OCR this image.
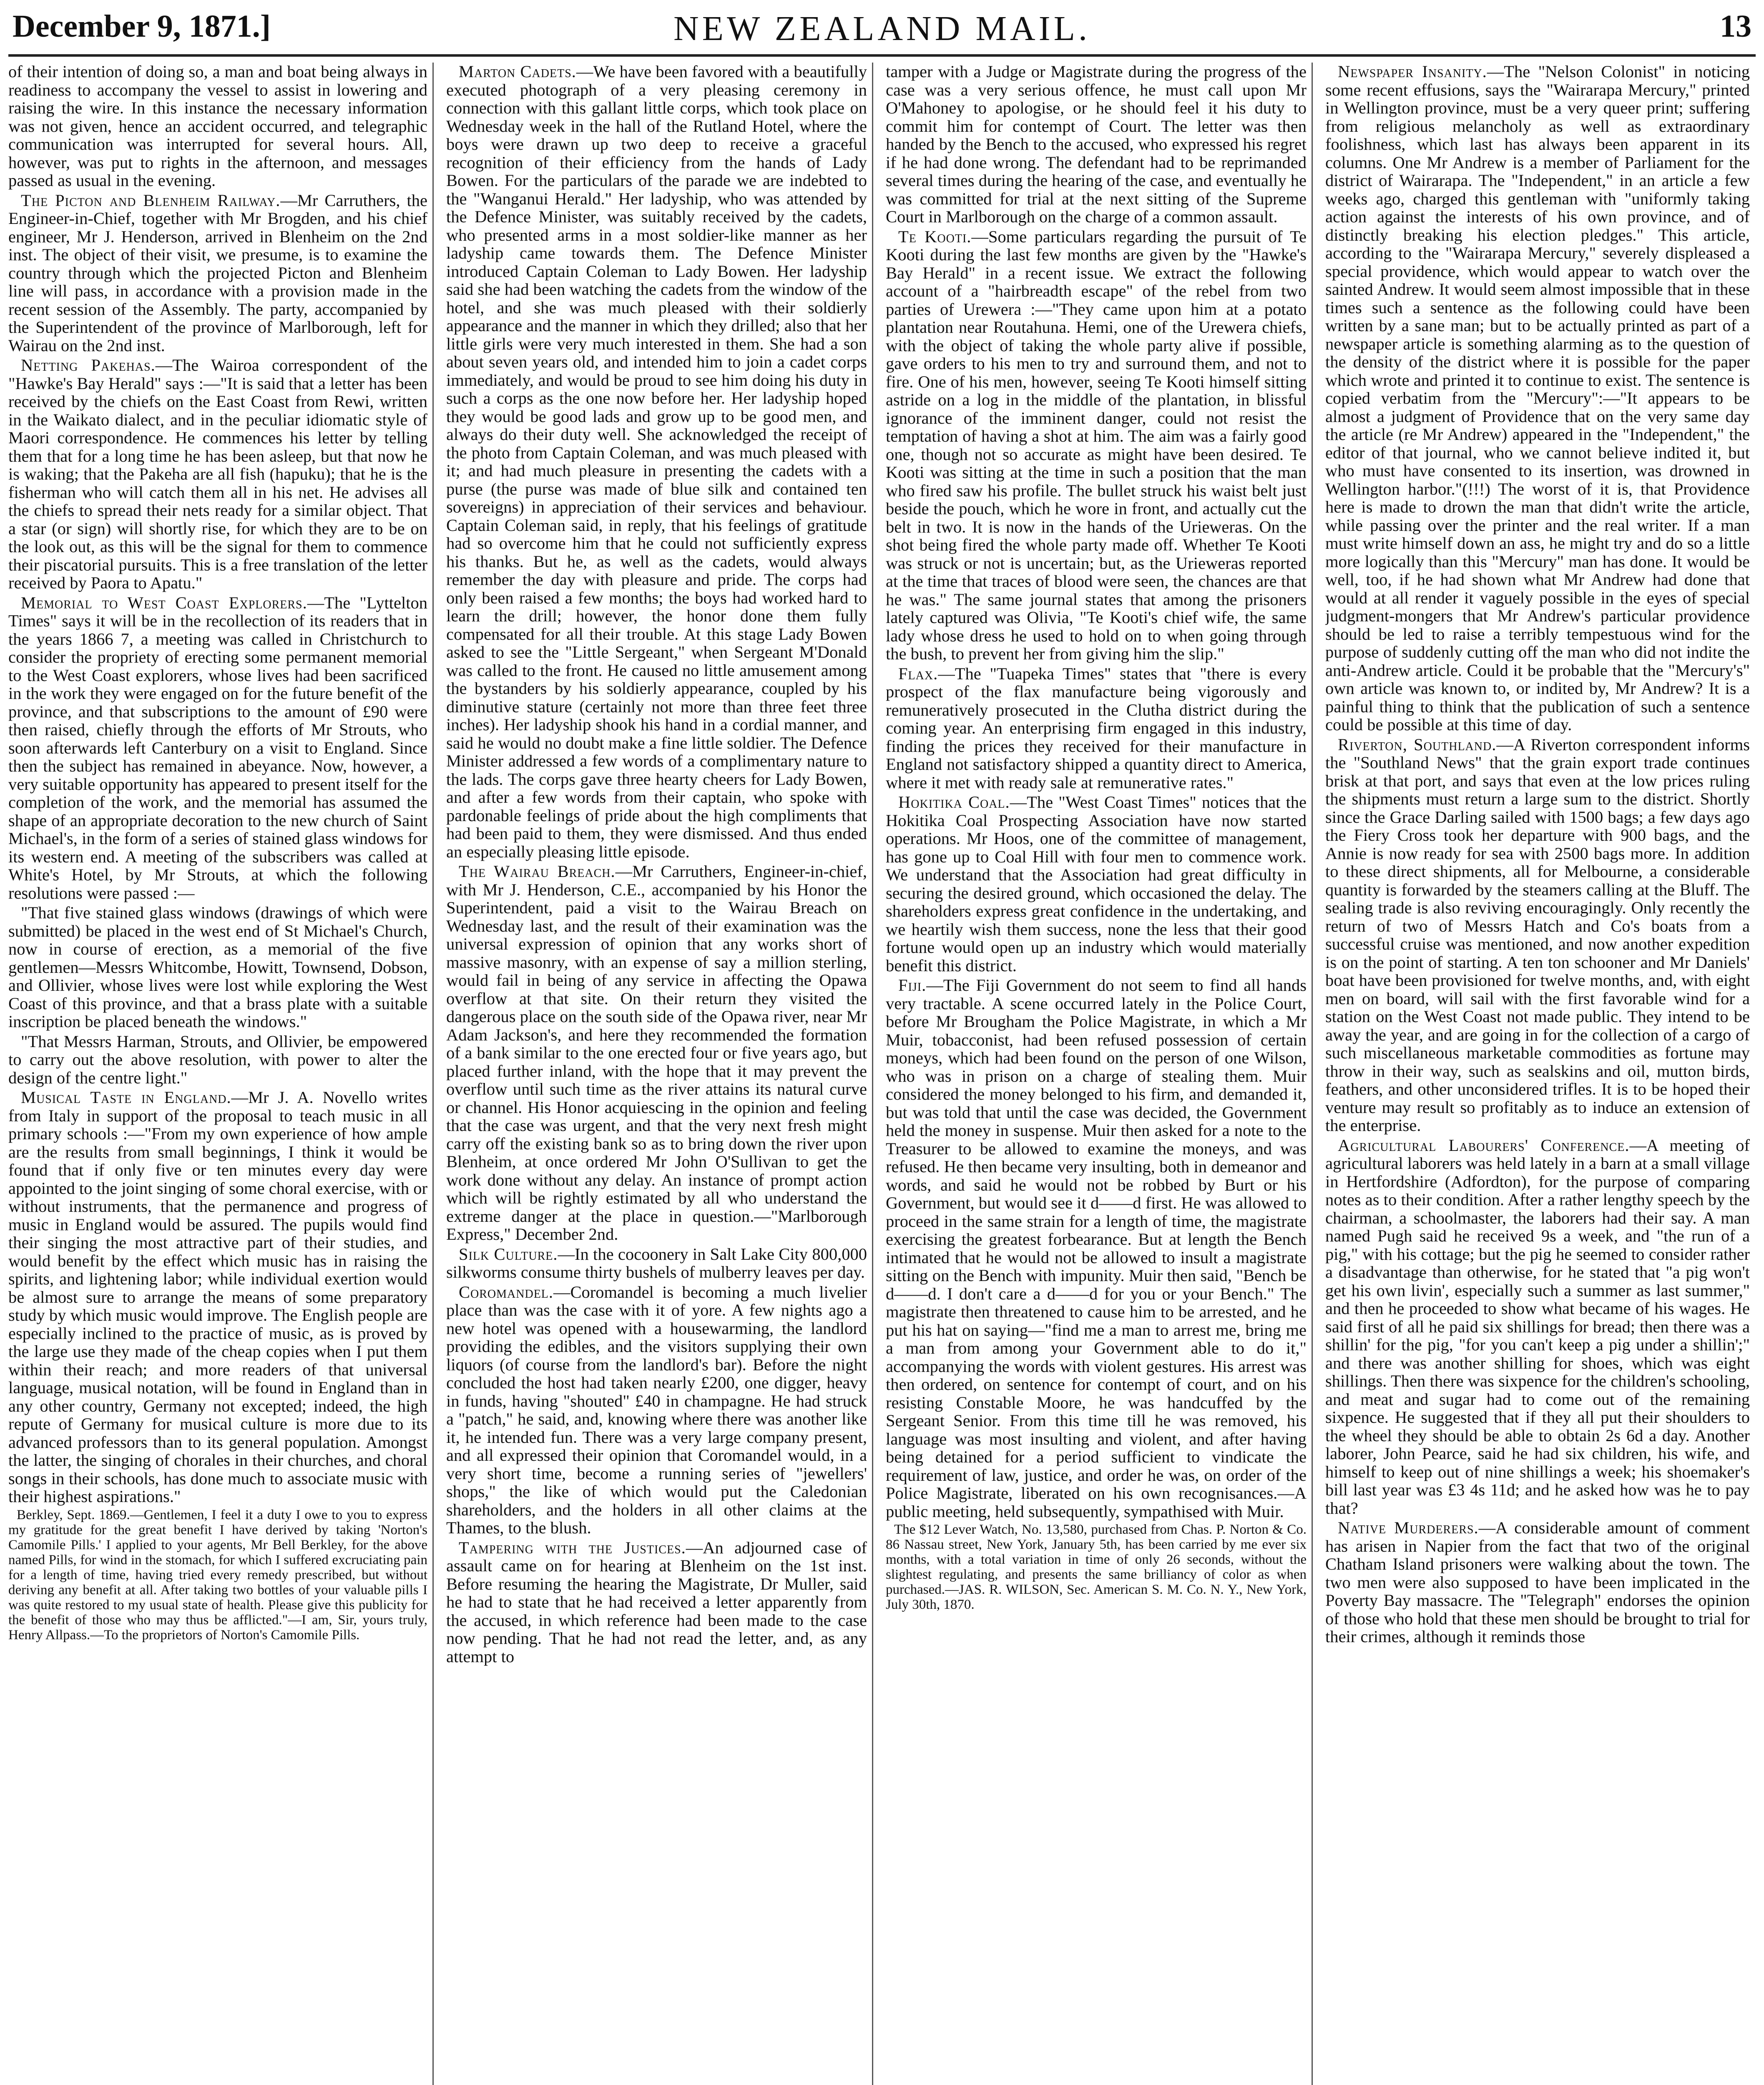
December 9, 1871.]	NEW ZEALAND MAIL.	13

of their intention of doing so, a man and boat being always in readiness to accompany the vessel to assist in lowering and raising the wire. In this instance the necessary information was not given, hence an accident occurred, and telegraphic communication was interrupted for several hours. All, however, was put to rights in the afternoon, and messages passed as usual in the evening.

The Picton and Blenheim Railway.—Mr Carruthers, the Engineer-in-Chief, together with Mr Brogden, and his chief engineer, Mr J. Henderson, arrived in Blenheim on the 2nd inst. The object of their visit, we presume, is to examine the country through which the projected Picton and Blenheim line will pass, in accordance with a provision made in the recent session of the Assembly. The party, accompanied by the Superintendent of the province of Marlborough, left for Wairau on the 2nd inst.

Netting Pakehas.—The Wairoa correspondent of the "Hawke's Bay Herald" says :—"It is said that a letter has been received by the chiefs on the East Coast from Rewi, written in the Waikato dialect, and in the peculiar idiomatic style of Maori correspondence. He commences his letter by telling them that for a long time he has been asleep, but that now he is waking; that the Pakeha are all fish (hapuku); that he is the fisherman who will catch them all in his net. He advises all the chiefs to spread their nets ready for a similar object. That a star (or sign) will shortly rise, for which they are to be on the look out, as this will be the signal for them to commence their piscatorial pursuits. This is a free translation of the letter received by Paora to Apatu."

Memorial to West Coast Explorers.—The "Lyttelton Times" says it will be in the recollection of its readers that in the years 1866 7, a meeting was called in Christchurch to consider the propriety of erecting some permanent memorial to the West Coast explorers, whose lives had been sacrificed in the work they were engaged on for the future benefit of the province, and that subscriptions to the amount of £90 were then raised, chiefly through the efforts of Mr Strouts, who soon afterwards left Canterbury on a visit to England. Since then the subject has remained in abeyance. Now, however, a very suitable opportunity has appeared to present itself for the completion of the work, and the memorial has assumed the shape of an appropriate decoration to the new church of Saint Michael's, in the form of a series of stained glass windows for its western end. A meeting of the subscribers was called at White's Hotel, by Mr Strouts, at which the following resolutions were passed :—

"That five stained glass windows (drawings of which were submitted) be placed in the west end of St Michael's Church, now in course of erection, as a memorial of the five gentlemen—Messrs Whitcombe, Howitt, Townsend, Dobson, and Ollivier, whose lives were lost while exploring the West Coast of this province, and that a brass plate with a suitable inscription be placed beneath the windows."

"That Messrs Harman, Strouts, and Ollivier, be empowered to carry out the above resolution, with power to alter the design of the centre light."

Musical Taste in England.—Mr J. A. Novello writes from Italy in support of the proposal to teach music in all primary schools :—"From my own experience of how ample are the results from small beginnings, I think it would be found that if only five or ten minutes every day were appointed to the joint singing of some choral exercise, with or without instruments, that the permanence and progress of music in England would be assured. The pupils would find their singing the most attractive part of their studies, and would benefit by the effect which music has in raising the spirits, and lightening labor; while individual exertion would be almost sure to arrange the means of some preparatory study by which music would improve. The English people are especially inclined to the practice of music, as is proved by the large use they made of the cheap copies when I put them within their reach; and more readers of that universal language, musical notation, will be found in England than in any other country, Germany not excepted; indeed, the high repute of Germany for musical culture is more due to its advanced professors than to its general population. Amongst the latter, the singing of chorales in their churches, and choral songs in their schools, has done much to associate music with their highest aspirations."

Berkley, Sept. 1869.—Gentlemen, I feel it a duty I owe to you to express my gratitude for the great benefit I have derived by taking 'Norton's Camomile Pills.' I applied to your agents, Mr Bell Berkley, for the above named Pills, for wind in the stomach, for which I suffered excruciating pain for a length of time, having tried every remedy prescribed, but without deriving any benefit at all. After taking two bottles of your valuable pills I was quite restored to my usual state of health. Please give this publicity for the benefit of those who may thus be afflicted."—I am, Sir, yours truly, Henry Allpass.—To the proprietors of Norton's Camomile Pills.

Marton Cadets.—We have been favored with a beautifully executed photograph of a very pleasing ceremony in connection with this gallant little corps, which took place on Wednesday week in the hall of the Rutland Hotel, where the boys were drawn up two deep to receive a graceful recognition of their efficiency from the hands of Lady Bowen. For the particulars of the parade we are indebted to the "Wanganui Herald." Her ladyship, who was attended by the Defence Minister, was suitably received by the cadets, who presented arms in a most soldier-like manner as her ladyship came towards them. The Defence Minister introduced Captain Coleman to Lady Bowen. Her ladyship said she had been watching the cadets from the window of the hotel, and she was much pleased with their soldierly appearance and the manner in which they drilled; also that her little girls were very much interested in them. She had a son about seven years old, and intended him to join a cadet corps immediately, and would be proud to see him doing his duty in such a corps as the one now before her. Her ladyship hoped they would be good lads and grow up to be good men, and always do their duty well. She acknowledged the receipt of the photo from Captain Coleman, and was much pleased with it; and had much pleasure in presenting the cadets with a purse (the purse was made of blue silk and contained ten sovereigns) in appreciation of their services and behaviour. Captain Coleman said, in reply, that his feelings of gratitude had so overcome him that he could not sufficiently express his thanks. But he, as well as the cadets, would always remember the day with pleasure and pride. The corps had only been raised a few months; the boys had worked hard to learn the drill; however, the honor done them fully compensated for all their trouble. At this stage Lady Bowen asked to see the "Little Sergeant," when Sergeant M'Donald was called to the front. He caused no little amusement among the bystanders by his soldierly appearance, coupled by his diminutive stature (certainly not more than three feet three inches). Her ladyship shook his hand in a cordial manner, and said he would no doubt make a fine little soldier. The Defence Minister addressed a few words of a complimentary nature to the lads. The corps gave three hearty cheers for Lady Bowen, and after a few words from their captain, who spoke with pardonable feelings of pride about the high compliments that had been paid to them, they were dismissed. And thus ended an especially pleasing little episode.

The Wairau Breach.—Mr Carruthers, Engineer-in-chief, with Mr J. Henderson, C.E., accompanied by his Honor the Superintendent, paid a visit to the Wairau Breach on Wednesday last, and the result of their examination was the universal expression of opinion that any works short of massive masonry, with an expense of say a million sterling, would fail in being of any service in affecting the Opawa overflow at that site. On their return they visited the dangerous place on the south side of the Opawa river, near Mr Adam Jackson's, and here they recommended the formation of a bank similar to the one erected four or five years ago, but placed further inland, with the hope that it may prevent the overflow until such time as the river attains its natural curve or channel. His Honor acquiescing in the opinion and feeling that the case was urgent, and that the very next fresh might carry off the existing bank so as to bring down the river upon Blenheim, at once ordered Mr John O'Sullivan to get the work done without any delay. An instance of prompt action which will be rightly estimated by all who understand the extreme danger at the place in question.—"Marlborough Express," December 2nd.

Silk Culture.—In the cocoonery in Salt Lake City 800,000 silkworms consume thirty bushels of mulberry leaves per day.

Coromandel.—Coromandel is becoming a much livelier place than was the case with it of yore. A few nights ago a new hotel was opened with a housewarming, the landlord providing the edibles, and the visitors supplying their own liquors (of course from the landlord's bar). Before the night concluded the host had taken nearly £200, one digger, heavy in funds, having "shouted" £40 in champagne. He had struck a "patch," he said, and, knowing where there was another like it, he intended fun. There was a very large company present, and all expressed their opinion that Coromandel would, in a very short time, become a running series of "jewellers' shops," the like of which would put the Caledonian shareholders, and the holders in all other claims at the Thames, to the blush.

Tampering with the Justices.—An adjourned case of assault came on for hearing at Blenheim on the 1st inst. Before resuming the hearing the Magistrate, Dr Muller, said he had to state that he had received a letter apparently from the accused, in which reference had been made to the case now pending. That he had not read the letter, and, as any attempt to

tamper with a Judge or Magistrate during the progress of the case was a very serious offence, he must call upon Mr O'Mahoney to apologise, or he should feel it his duty to commit him for contempt of Court. The letter was then handed by the Bench to the accused, who expressed his regret if he had done wrong. The defendant had to be reprimanded several times during the hearing of the case, and eventually he was committed for trial at the next sitting of the Supreme Court in Marlborough on the charge of a common assault.

Te Kooti.—Some particulars regarding the pursuit of Te Kooti during the last few months are given by the "Hawke's Bay Herald" in a recent issue. We extract the following account of a "hairbreadth escape" of the rebel from two parties of Urewera :—"They came upon him at a potato plantation near Routahuna. Hemi, one of the Urewera chiefs, with the object of taking the whole party alive if possible, gave orders to his men to try and surround them, and not to fire. One of his men, however, seeing Te Kooti himself sitting astride on a log in the middle of the plantation, in blissful ignorance of the imminent danger, could not resist the temptation of having a shot at him. The aim was a fairly good one, though not so accurate as might have been desired. Te Kooti was sitting at the time in such a position that the man who fired saw his profile. The bullet struck his waist belt just beside the pouch, which he wore in front, and actually cut the belt in two. It is now in the hands of the Urieweras. On the shot being fired the whole party made off. Whether Te Kooti was struck or not is uncertain; but, as the Urieweras reported at the time that traces of blood were seen, the chances are that he was." The same journal states that among the prisoners lately captured was Olivia, "Te Kooti's chief wife, the same lady whose dress he used to hold on to when going through the bush, to prevent her from giving him the slip."

Flax.—The "Tuapeka Times" states that "there is every prospect of the flax manufacture being vigorously and remuneratively prosecuted in the Clutha district during the coming year. An enterprising firm engaged in this industry, finding the prices they received for their manufacture in England not satisfactory shipped a quantity direct to America, where it met with ready sale at remunerative rates."

Hokitika Coal.—The "West Coast Times" notices that the Hokitika Coal Prospecting Association have now started operations. Mr Hoos, one of the committee of management, has gone up to Coal Hill with four men to commence work. We understand that the Association had great difficulty in securing the desired ground, which occasioned the delay. The shareholders express great confidence in the undertaking, and we heartily wish them success, none the less that their good fortune would open up an industry which would materially benefit this district.

Fiji.—The Fiji Government do not seem to find all hands very tractable. A scene occurred lately in the Police Court, before Mr Brougham the Police Magistrate, in which a Mr Muir, tobacconist, had been refused possession of certain moneys, which had been found on the person of one Wilson, who was in prison on a charge of stealing them. Muir considered the money belonged to his firm, and demanded it, but was told that until the case was decided, the Government held the money in suspense. Muir then asked for a note to the Treasurer to be allowed to examine the moneys, and was refused. He then became very insulting, both in demeanor and words, and said he would not be robbed by Burt or his Government, but would see it d——d first. He was allowed to proceed in the same strain for a length of time, the magistrate exercising the greatest forbearance. But at length the Bench intimated that he would not be allowed to insult a magistrate sitting on the Bench with impunity. Muir then said, "Bench be d——d. I don't care a d——d for you or your Bench." The magistrate then threatened to cause him to be arrested, and he put his hat on saying—"find me a man to arrest me, bring me a man from among your Government able to do it," accompanying the words with violent gestures. His arrest was then ordered, on sentence for contempt of court, and on his resisting Constable Moore, he was handcuffed by the Sergeant Senior. From this time till he was removed, his language was most insulting and violent, and after having being detained for a period sufficient to vindicate the requirement of law, justice, and order he was, on order of the Police Magistrate, liberated on his own recognisances.—A public meeting, held subsequently, sympathised with Muir.

The $12 Lever Watch, No. 13,580, purchased from Chas. P. Norton & Co. 86 Nassau street, New York, January 5th, has been carried by me ever six months, with a total variation in time of only 26 seconds, without the slightest regulating, and presents the same brilliancy of color as when purchased.—JAS. R. WILSON, Sec. American S. M. Co. N. Y., New York, July 30th, 1870.

Newspaper Insanity.—The "Nelson Colonist" in noticing some recent effusions, says the "Wairarapa Mercury," printed in Wellington province, must be a very queer print; suffering from religious melancholy as well as extraordinary foolishness, which last has always been apparent in its columns. One Mr Andrew is a member of Parliament for the district of Wairarapa. The "Independent," in an article a few weeks ago, charged this gentleman with "uniformly taking action against the interests of his own province, and of distinctly breaking his election pledges." This article, according to the "Wairarapa Mercury," severely displeased a special providence, which would appear to watch over the sainted Andrew. It would seem almost impossible that in these times such a sentence as the following could have been written by a sane man; but to be actually printed as part of a newspaper article is something alarming as to the question of the density of the district where it is possible for the paper which wrote and printed it to continue to exist. The sentence is copied verbatim from the "Mercury":—"It appears to be almost a judgment of Providence that on the very same day the article (re Mr Andrew) appeared in the "Independent," the editor of that journal, who we cannot believe indited it, but who must have consented to its insertion, was drowned in Wellington harbor."(!!!) The worst of it is, that Providence here is made to drown the man that didn't write the article, while passing over the printer and the real writer. If a man must write himself down an ass, he might try and do so a little more logically than this "Mercury" man has done. It would be well, too, if he had shown what Mr Andrew had done that would at all render it vaguely possible in the eyes of special judgment-mongers that Mr Andrew's particular providence should be led to raise a terribly tempestuous wind for the purpose of suddenly cutting off the man who did not indite the anti-Andrew article. Could it be probable that the "Mercury's" own article was known to, or indited by, Mr Andrew? It is a painful thing to think that the publication of such a sentence could be possible at this time of day.

Riverton, Southland.—A Riverton correspondent informs the "Southland News" that the grain export trade continues brisk at that port, and says that even at the low prices ruling the shipments must return a large sum to the district. Shortly since the Grace Darling sailed with 1500 bags; a few days ago the Fiery Cross took her departure with 900 bags, and the Annie is now ready for sea with 2500 bags more. In addition to these direct shipments, all for Melbourne, a considerable quantity is forwarded by the steamers calling at the Bluff. The sealing trade is also reviving encouragingly. Only recently the return of two of Messrs Hatch and Co's boats from a successful cruise was mentioned, and now another expedition is on the point of starting. A ten ton schooner and Mr Daniels' boat have been provisioned for twelve months, and, with eight men on board, will sail with the first favorable wind for a station on the West Coast not made public. They intend to be away the year, and are going in for the collection of a cargo of such miscellaneous marketable commodities as fortune may throw in their way, such as sealskins and oil, mutton birds, feathers, and other unconsidered trifles. It is to be hoped their venture may result so profitably as to induce an extension of the enterprise.

Agricultural Labourers' Conference.—A meeting of agricultural laborers was held lately in a barn at a small village in Hertfordshire (Adfordton), for the purpose of comparing notes as to their condition. After a rather lengthy speech by the chairman, a schoolmaster, the laborers had their say. A man named Pugh said he received 9s a week, and "the run of a pig," with his cottage; but the pig he seemed to consider rather a disadvantage than otherwise, for he stated that "a pig won't get his own livin', especially such a summer as last summer," and then he proceeded to show what became of his wages. He said first of all he paid six shillings for bread; then there was a shillin' for the pig, "for you can't keep a pig under a shillin';" and there was another shilling for shoes, which was eight shillings. Then there was sixpence for the children's schooling, and meat and sugar had to come out of the remaining sixpence. He suggested that if they all put their shoulders to the wheel they should be able to obtain 2s 6d a day. Another laborer, John Pearce, said he had six children, his wife, and himself to keep out of nine shillings a week; his shoemaker's bill last year was £3 4s 11d; and he asked how was he to pay that?

Native Murderers.—A considerable amount of comment has arisen in Napier from the fact that two of the original Chatham Island prisoners were walking about the town. The two men were also supposed to have been implicated in the Poverty Bay massacre. The "Telegraph" endorses the opinion of those who hold that these men should be brought to trial for their crimes, although it reminds those
